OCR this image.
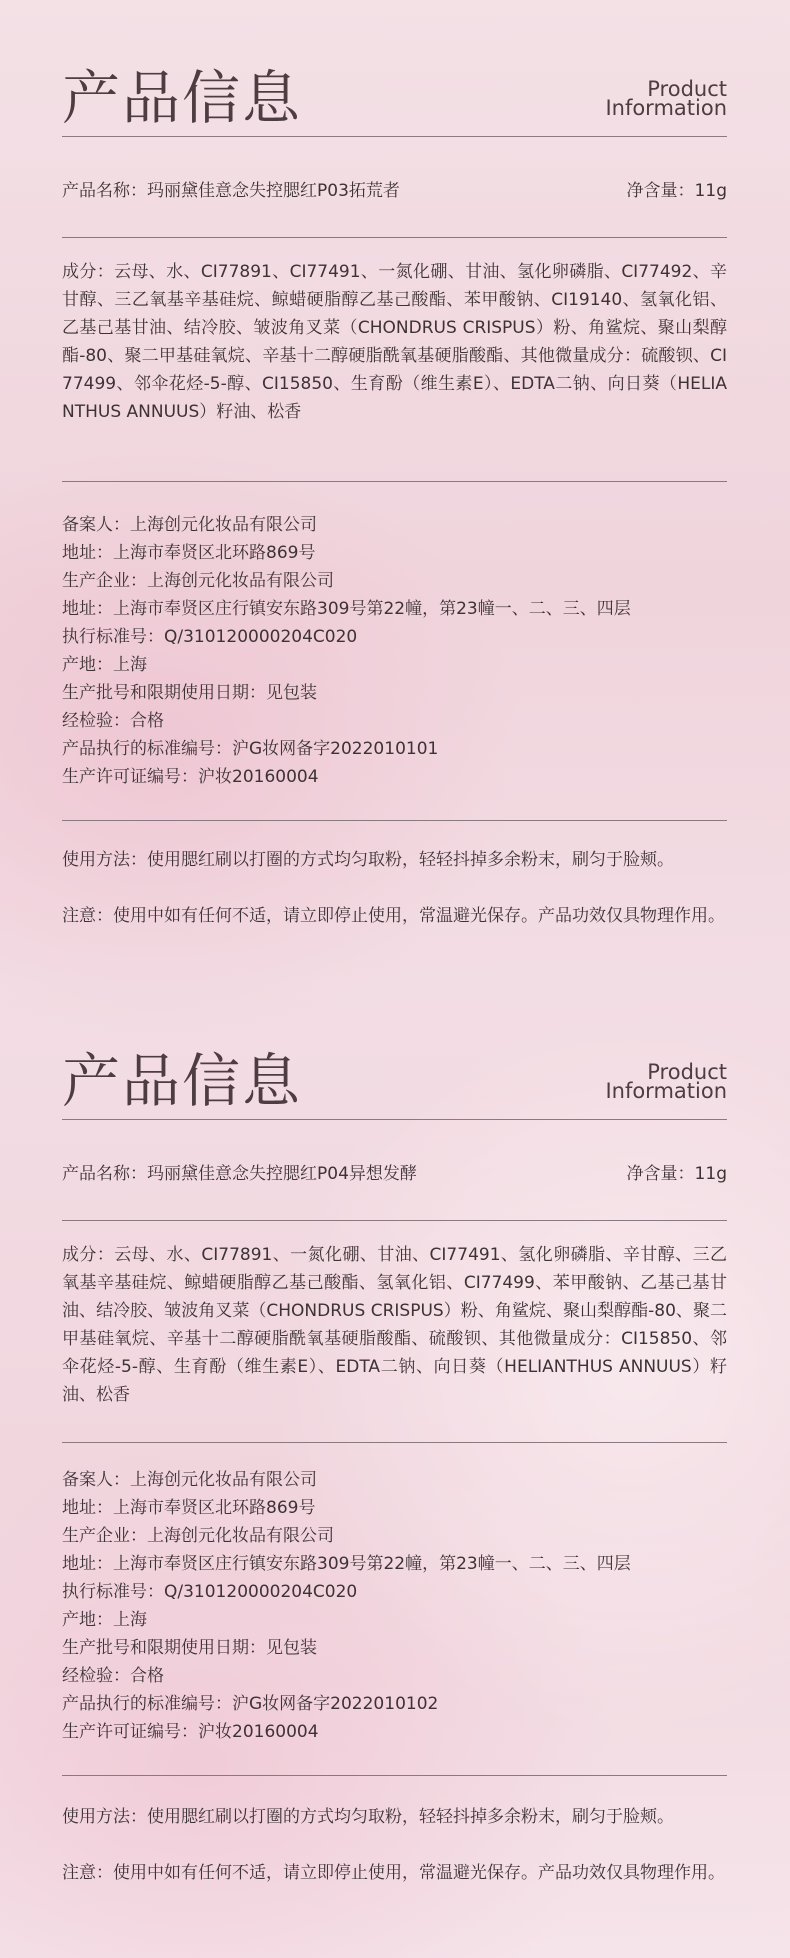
产品信息	Product
Information
产品名称：玛丽黛佳意念失控腮红P03拓荒者	净含量：11g
成分：云母、水、CI77891、CI77491、一氮化硼、甘油、氢化卵磷脂、CI77492、辛甘醇、三乙氧基辛基硅烷、鲸蜡硬脂醇乙基己酸酯、苯甲酸钠、CI19140、氢氧化铝、乙基己基甘油、结冷胶、皱波角叉菜（CHONDRUS CRISPUS）粉、角鲨烷、聚山梨醇酯-80、聚二甲基硅氧烷、辛基十二醇硬脂酰氧基硬脂酸酯、其他微量成分：硫酸钡、CI77499、邻伞花烃-5-醇、CI15850、生育酚（维生素E）、EDTA二钠、向日葵（HELIANTHUS ANNUUS）籽油、松香
备案人：上海创元化妆品有限公司
地址：上海市奉贤区北环路869号
生产企业：上海创元化妆品有限公司
地址：上海市奉贤区庄行镇安东路309号第22幢，第23幢一、二、三、四层
执行标准号：Q/310120000204C020
产地：上海
生产批号和限期使用日期：见包装
经检验：合格
产品执行的标准编号：沪G妆网备字2022010101
生产许可证编号：沪妆20160004
使用方法：使用腮红刷以打圈的方式均匀取粉，轻轻抖掉多余粉末，刷匀于脸颊。
注意：使用中如有任何不适，请立即停止使用，常温避光保存。产品功效仅具物理作用。
产品信息	Product
Information
产品名称：玛丽黛佳意念失控腮红P04异想发酵	净含量：11g
成分：云母、水、CI77891、一氮化硼、甘油、CI77491、氢化卵磷脂、辛甘醇、三乙氧基辛基硅烷、鲸蜡硬脂醇乙基己酸酯、氢氧化铝、CI77499、苯甲酸钠、乙基己基甘油、结冷胶、皱波角叉菜（CHONDRUS CRISPUS）粉、角鲨烷、聚山梨醇酯-80、聚二甲基硅氧烷、辛基十二醇硬脂酰氧基硬脂酸酯、硫酸钡、其他微量成分：CI15850、邻伞花烃-5-醇、生育酚（维生素E）、EDTA二钠、向日葵（HELIANTHUS ANNUUS）籽油、松香
备案人：上海创元化妆品有限公司
地址：上海市奉贤区北环路869号
生产企业：上海创元化妆品有限公司
地址：上海市奉贤区庄行镇安东路309号第22幢，第23幢一、二、三、四层
执行标准号：Q/310120000204C020
产地：上海
生产批号和限期使用日期：见包装
经检验：合格
产品执行的标准编号：沪G妆网备字2022010102
生产许可证编号：沪妆20160004
使用方法：使用腮红刷以打圈的方式均匀取粉，轻轻抖掉多余粉末，刷匀于脸颊。
注意：使用中如有任何不适，请立即停止使用，常温避光保存。产品功效仅具物理作用。
